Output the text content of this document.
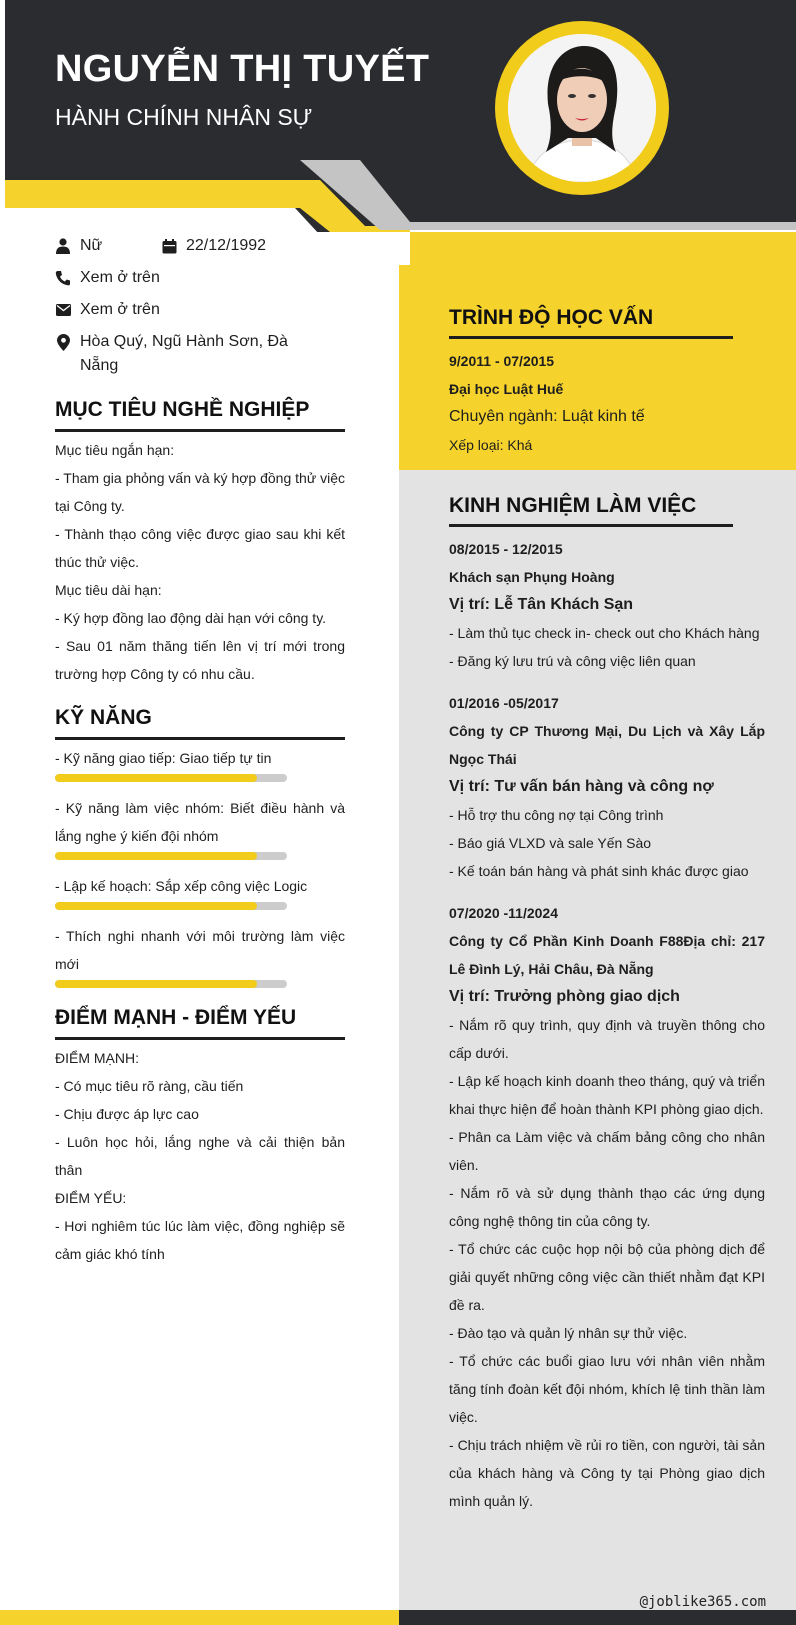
NGUYỄN THỊ TUYẾT
HÀNH CHÍNH NHÂN SỰ
Nữ	22/12/1992
Xem ở trên
Xem ở trên
Hòa Quý, Ngũ Hành Sơn, Đà Nẵng
MỤC TIÊU NGHỀ NGHIỆP

Mục tiêu ngắn hạn:

- Tham gia phỏng vấn và ký hợp đồng thử việc tại Công ty.

- Thành thạo công việc được giao sau khi kết thúc thử việc.

Mục tiêu dài hạn:

- Ký hợp đồng lao động dài hạn với công ty.

- Sau 01 năm thăng tiến lên vị trí mới trong trường hợp Công ty có nhu cầu.

KỸ NĂNG
- Kỹ năng giao tiếp: Giao tiếp tự tin
- Kỹ năng làm việc nhóm: Biết điều hành và lắng nghe ý kiến đội nhóm
- Lập kế hoạch: Sắp xếp công việc Logic
- Thích nghi nhanh với môi trường làm việc mới
ĐIỂM MẠNH - ĐIỂM YẾU

ĐIỂM MẠNH:

- Có mục tiêu rõ ràng, cầu tiến

- Chịu được áp lực cao

- Luôn học hỏi, lắng nghe và cải thiện bản thân

ĐIỂM YẾU:

- Hơi nghiêm túc lúc làm việc, đồng nghiệp sẽ cảm giác khó tính

TRÌNH ĐỘ HỌC VẤN
9/2011 - 07/2015
Đại học Luật Huế
Chuyên ngành: Luật kinh tế
Xếp loại: Khá
KINH NGHIỆM LÀM VIỆC
08/2015 - 12/2015
Khách sạn Phụng Hoàng
Vị trí: Lễ Tân Khách Sạn
- Làm thủ tục check in- check out cho Khách hàng
- Đăng ký lưu trú và công việc liên quan
01/2016 -05/2017
Công ty CP Thương Mại, Du Lịch và Xây Lắp Ngọc Thái
Vị trí: Tư vấn bán hàng và công nợ
- Hỗ trợ thu công nợ tại Công trình
- Báo giá VLXD và sale Yến Sào
- Kế toán bán hàng và phát sinh khác được giao
07/2020 -11/2024
Công ty Cổ Phần Kinh Doanh F88Địa chỉ: 217 Lê Đình Lý, Hải Châu, Đà Nẵng
Vị trí: Trưởng phòng giao dịch
- Nắm rõ quy trình, quy định và truyền thông cho cấp dưới.
- Lập kế hoạch kinh doanh theo tháng, quý và triển khai thực hiện để hoàn thành KPI phòng giao dịch.
- Phân ca Làm việc và chấm bảng công cho nhân viên.
- Nắm rõ và sử dụng thành thạo các ứng dụng công nghệ thông tin của công ty.
- Tổ chức các cuộc họp nội bộ của phòng dịch để giải quyết những công việc cần thiết nhằm đạt KPI đề ra.
- Đào tạo và quản lý nhân sự thử việc.
- Tổ chức các buổi giao lưu với nhân viên nhằm tăng tính đoàn kết đội nhóm, khích lệ tinh thần làm việc.
- Chịu trách nhiệm về rủi ro tiền, con người, tài sản của khách hàng và Công ty tại Phòng giao dịch mình quản lý.
@joblike365.com
